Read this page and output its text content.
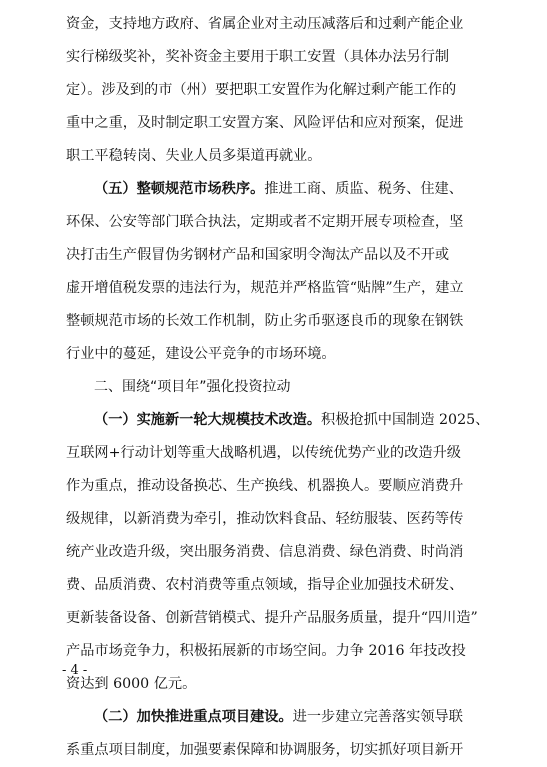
资金，支持地方政府、省属企业对主动压减落后和过剩产能企业
实行梯级奖补，奖补资金主要用于职工安置（具体办法另行制
定）。涉及到的市（州）要把职工安置作为化解过剩产能工作的
重中之重，及时制定职工安置方案、风险评估和应对预案，促进
职工平稳转岗、失业人员多渠道再就业。
（五）整顿规范市场秩序。推进工商、质监、税务、住建、
环保、公安等部门联合执法，定期或者不定期开展专项检查，坚
决打击生产假冒伪劣钢材产品和国家明令淘汰产品以及不开或
虚开增值税发票的违法行为，规范并严格监管“贴牌”生产，建立
整顿规范市场的长效工作机制，防止劣币驱逐良币的现象在钢铁
行业中的蔓延，建设公平竞争的市场环境。
二、围绕“项目年”强化投资拉动
（一）实施新一轮大规模技术改造。积极抢抓中国制造 2025、
互联网+行动计划等重大战略机遇，以传统优势产业的改造升级
作为重点，推动设备换芯、生产换线、机器换人。要顺应消费升
级规律，以新消费为牵引，推动饮料食品、轻纺服装、医药等传
统产业改造升级，突出服务消费、信息消费、绿色消费、时尚消
费、品质消费、农村消费等重点领域，指导企业加强技术研发、
更新装备设备、创新营销模式、提升产品服务质量，提升“四川造”
产品市场竞争力，积极拓展新的市场空间。力争 2016 年技改投
资达到 6000 亿元。
（二）加快推进重点项目建设。进一步建立完善落实领导联
系重点项目制度，加强要素保障和协调服务，切实抓好项目新开
- 4 -
